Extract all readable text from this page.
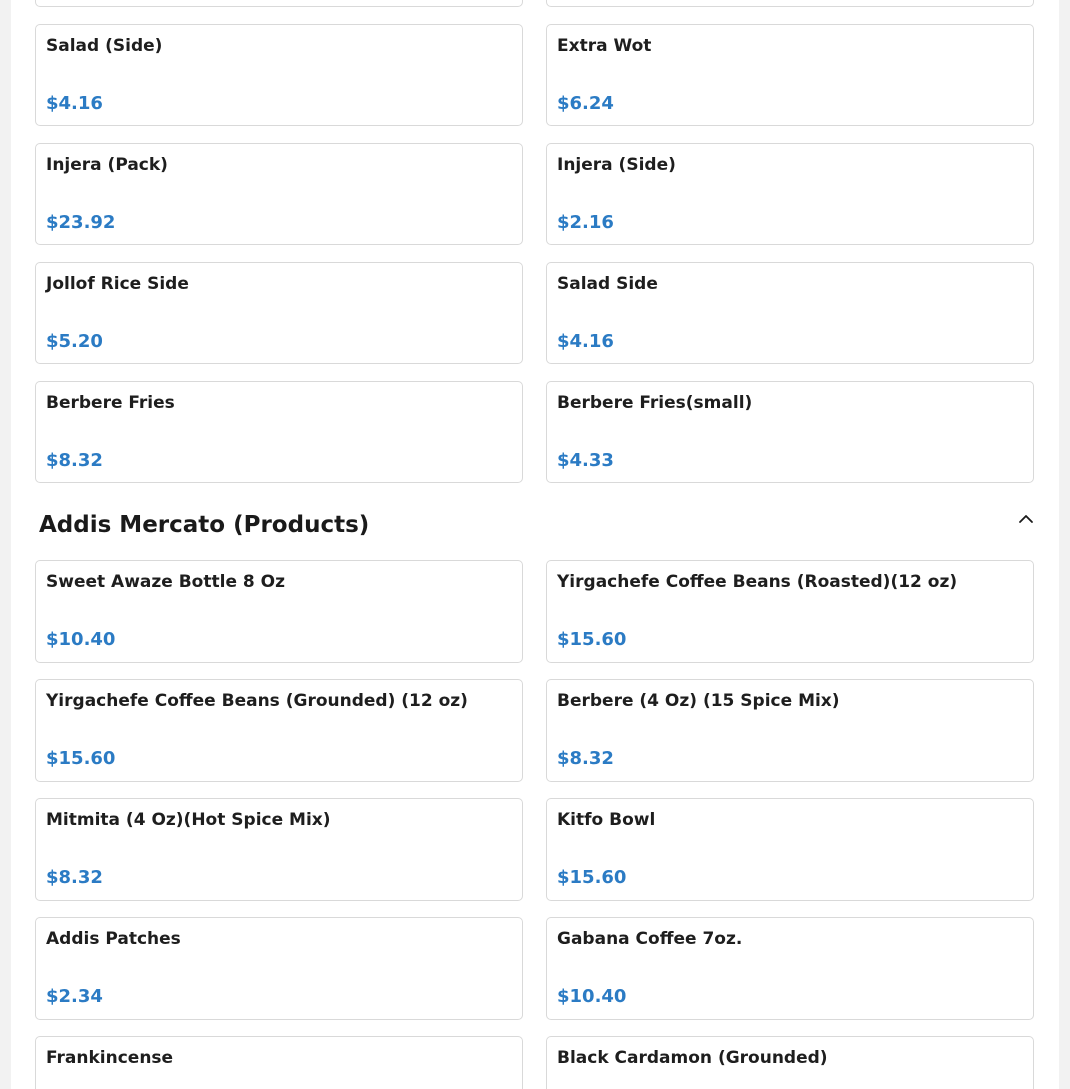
Salad (Side)
$4.16
Extra Wot
$6.24
Injera (Pack)
$23.92
Injera (Side)
$2.16
Jollof Rice Side
$5.20
Salad Side
$4.16
Berbere Fries
$8.32
Berbere Fries(small)
$4.33
Addis Mercato (Products)
Sweet Awaze Bottle 8 Oz
$10.40
Yirgachefe Coffee Beans (Roasted)(12 oz)
$15.60
Yirgachefe Coffee Beans (Grounded) (12 oz)
$15.60
Berbere (4 Oz) (15 Spice Mix)
$8.32
Mitmita (4 Oz)(Hot Spice Mix)
$8.32
Kitfo Bowl
$15.60
Addis Patches
$2.34
Gabana Coffee 7oz.
$10.40
Frankincense	Black Cardamon (Grounded)
